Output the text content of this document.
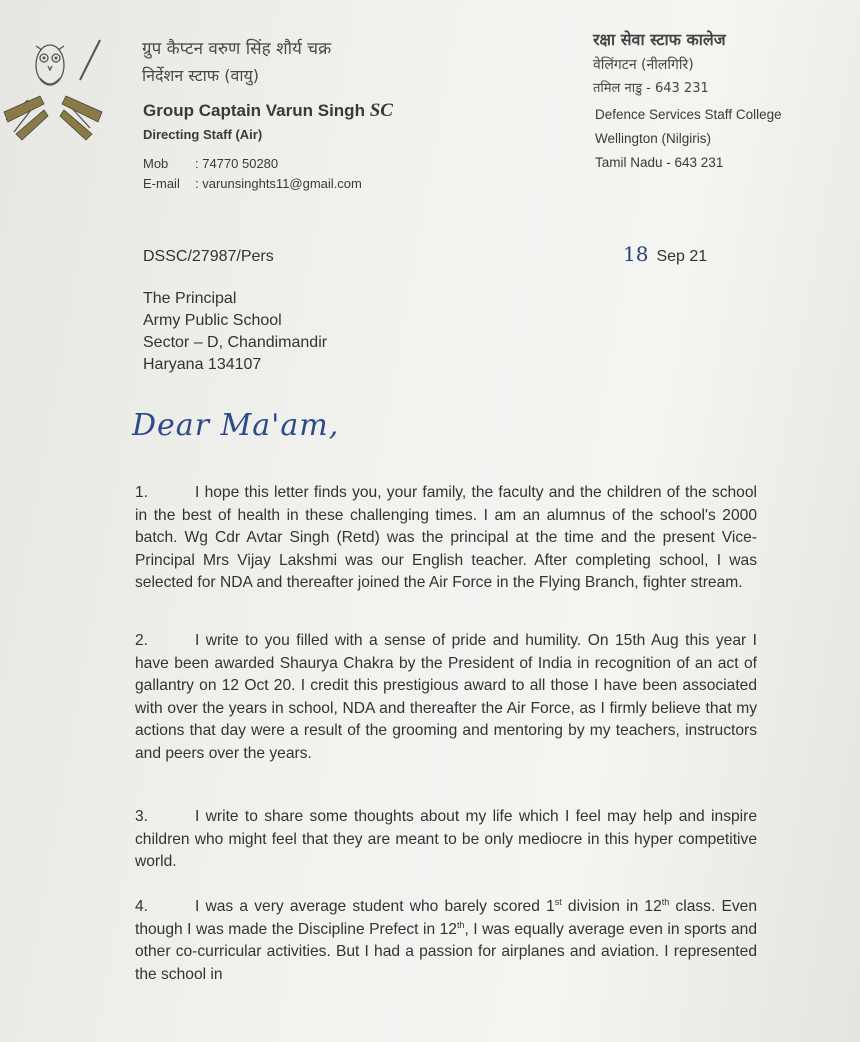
ग्रुप कैप्टन वरुण सिंह शौर्य चक्र
निर्देशन स्टाफ (वायु)
Group Captain Varun Singh SC
Directing Staff (Air)
Mob : 74770 50280
E-mail : varunsinghts11@gmail.com
रक्षा सेवा स्टाफ कालेज
वेलिंगटन (नीलगिरि)
तमिल नाडु - 643 231
Defence Services Staff College
Wellington (Nilgiris)
Tamil Nadu - 643 231
DSSC/27987/Pers	18 Sep 21
The Principal
Army Public School
Sector – D, Chandimandir
Haryana 134107
Dear Ma'am,

1.	I hope this letter finds you, your family, the faculty and the children of the school in the best of health in these challenging times. I am an alumnus of the school's 2000 batch. Wg Cdr Avtar Singh (Retd) was the principal at the time and the present Vice-Principal Mrs Vijay Lakshmi was our English teacher. After completing school, I was selected for NDA and thereafter joined the Air Force in the Flying Branch, fighter stream.

2.	I write to you filled with a sense of pride and humility. On 15th Aug this year I have been awarded Shaurya Chakra by the President of India in recognition of an act of gallantry on 12 Oct 20. I credit this prestigious award to all those I have been associated with over the years in school, NDA and thereafter the Air Force, as I firmly believe that my actions that day were a result of the grooming and mentoring by my teachers, instructors and peers over the years.

3.	I write to share some thoughts about my life which I feel may help and inspire children who might feel that they are meant to be only mediocre in this hyper competitive world.

4.	I was a very average student who barely scored 1st division in 12th class. Even though I was made the Discipline Prefect in 12th, I was equally average even in sports and other co-curricular activities. But I had a passion for airplanes and aviation. I represented the school in
